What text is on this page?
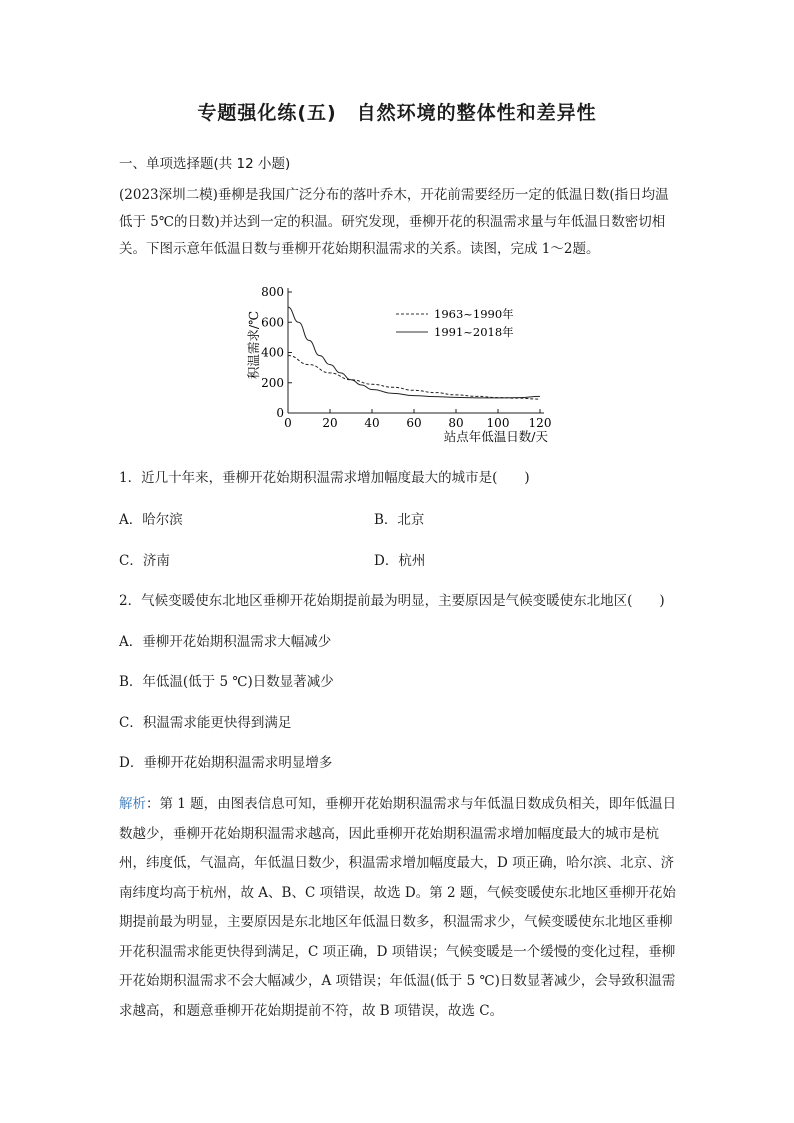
专题强化练(五)　自然环境的整体性和差异性
一、单项选择题(共 12 小题)

(2023深圳二模)垂柳是我国广泛分布的落叶乔木，开花前需要经历一定的低温日数(指日均温低于 5℃的日数)并达到一定的积温。研究发现，垂柳开花的积温需求量与年低温日数密切相关。下图示意年低温日数与垂柳开花始期积温需求的关系。读图，完成 1～2题。

0
200
400
600
800
0	20 40 60 80 100 120
积温需求/℃
站点年低温日数/天
1963~1990年
1991~2018年
1．近几十年来，垂柳开花始期积温需求增加幅度最大的城市是(　　)
A．哈尔滨	B．北京
C．济南	D．杭州
2．气候变暖使东北地区垂柳开花始期提前最为明显，主要原因是气候变暖使东北地区(　　)
A．垂柳开花始期积温需求大幅减少
B．年低温(低于 5 ℃)日数显著减少
C．积温需求能更快得到满足
D．垂柳开花始期积温需求明显增多

解析：第 1 题，由图表信息可知，垂柳开花始期积温需求与年低温日数成负相关，即年低温日数越少，垂柳开花始期积温需求越高，因此垂柳开花始期积温需求增加幅度最大的城市是杭州，纬度低，气温高，年低温日数少，积温需求增加幅度最大，D 项正确，哈尔滨、北京、济南纬度均高于杭州，故 A、B、C 项错误，故选 D。第 2 题，气候变暖使东北地区垂柳开花始期提前最为明显，主要原因是东北地区年低温日数多，积温需求少，气候变暖使东北地区垂柳开花积温需求能更快得到满足，C 项正确，D 项错误；气候变暖是一个缓慢的变化过程，垂柳开花始期积温需求不会大幅减少，A 项错误；年低温(低于 5 ℃)日数显著减少，会导致积温需求越高，和题意垂柳开花始期提前不符，故 B 项错误，故选 C。
